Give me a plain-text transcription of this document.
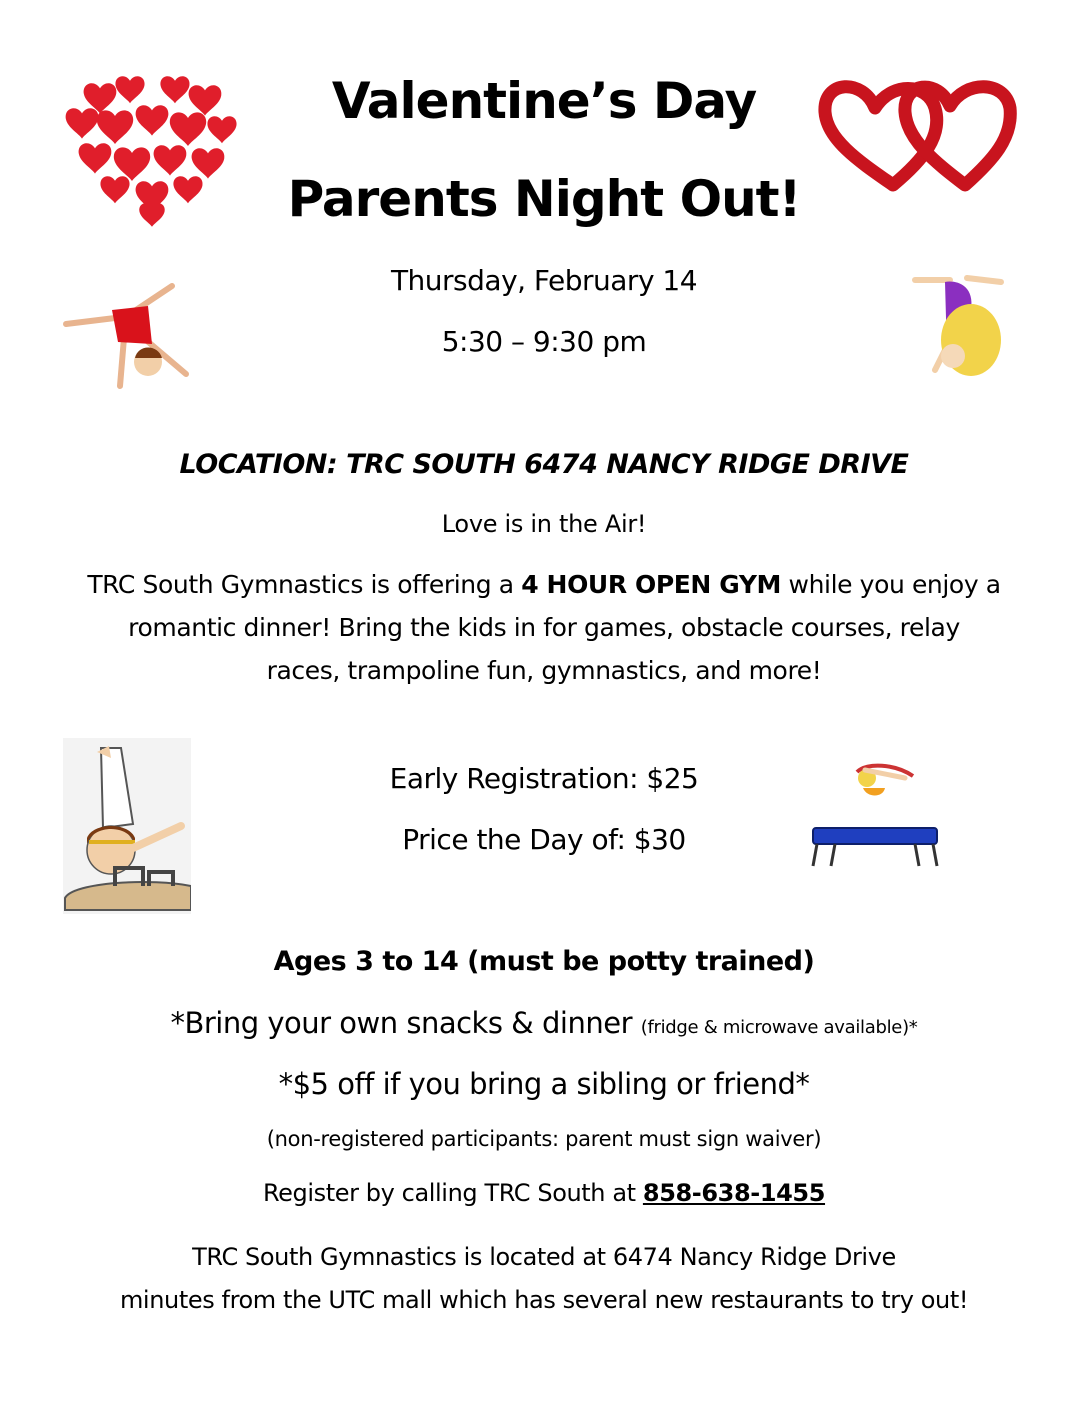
Valentine’s Day
Parents Night Out!
Thursday, February 14
5:30 – 9:30 pm
LOCATION: TRC SOUTH 6474 NANCY RIDGE DRIVE
Love is in the Air!
TRC South Gymnastics is offering a 4 HOUR OPEN GYM while you enjoy a
romantic dinner! Bring the kids in for games, obstacle courses, relay
races, trampoline fun, gymnastics, and more!
Early Registration: $25
Price the Day of: $30
Ages 3 to 14 (must be potty trained)
*Bring your own snacks & dinner (fridge & microwave available)*
*$5 off if you bring a sibling or friend*
(non-registered participants: parent must sign waiver)
Register by calling TRC South at 858-638-1455
TRC South Gymnastics is located at 6474 Nancy Ridge Drive
minutes from the UTC mall which has several new restaurants to try out!
